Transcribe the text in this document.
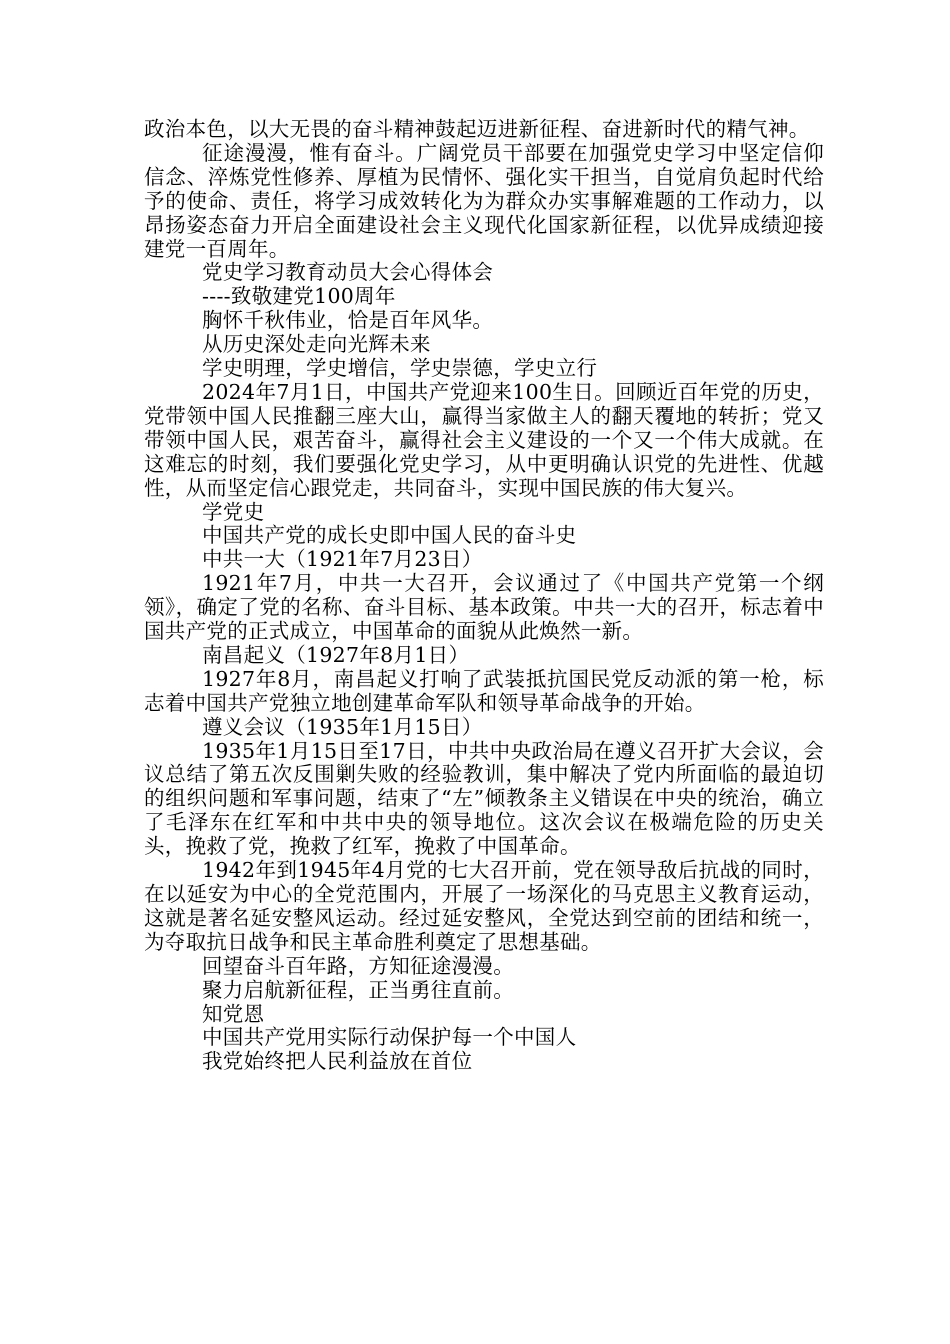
政治本色，以大无畏的奋斗精神鼓起迈进新征程、奋进新时代的精气神。

征途漫漫，惟有奋斗。广阔党员干部要在加强党史学习中坚定信仰信念、淬炼党性修养、厚植为民情怀、强化实干担当，自觉肩负起时代给予的使命、责任，将学习成效转化为为群众办实事解难题的工作动力，以昂扬姿态奋力开启全面建设社会主义现代化国家新征程，以优异成绩迎接建党一百周年。

党史学习教育动员大会心得体会

----致敬建党100周年

胸怀千秋伟业，恰是百年风华。

从历史深处走向光辉未来

学史明理，学史增信，学史崇德，学史立行

2024年7月1日，中国共产党迎来100生日。回顾近百年党的历史，党带领中国人民推翻三座大山，赢得当家做主人的翻天覆地的转折；党又带领中国人民，艰苦奋斗，赢得社会主义建设的一个又一个伟大成就。在这难忘的时刻，我们要强化党史学习，从中更明确认识党的先进性、优越性，从而坚定信心跟党走，共同奋斗，实现中国民族的伟大复兴。

学党史

中国共产党的成长史即中国人民的奋斗史

中共一大（1921年7月23日）

1921年7月，中共一大召开，会议通过了《中国共产党第一个纲领》，确定了党的名称、奋斗目标、基本政策。中共一大的召开，标志着中国共产党的正式成立，中国革命的面貌从此焕然一新。

南昌起义（1927年8月1日）

1927年8月，南昌起义打响了武装抵抗国民党反动派的第一枪，标志着中国共产党独立地创建革命军队和领导革命战争的开始。

遵义会议（1935年1月15日）

1935年1月15日至17日，中共中央政治局在遵义召开扩大会议，会议总结了第五次反围剿失败的经验教训，集中解决了党内所面临的最迫切的组织问题和军事问题，结束了“左”倾教条主义错误在中央的统治，确立了毛泽东在红军和中共中央的领导地位。这次会议在极端危险的历史关头，挽救了党，挽救了红军，挽救了中国革命。

1942年到1945年4月党的七大召开前，党在领导敌后抗战的同时，在以延安为中心的全党范围内，开展了一场深化的马克思主义教育运动，这就是著名延安整风运动。经过延安整风，全党达到空前的团结和统一，为夺取抗日战争和民主革命胜利奠定了思想基础。

回望奋斗百年路，方知征途漫漫。

聚力启航新征程，正当勇往直前。

知党恩

中国共产党用实际行动保护每一个中国人

我党始终把人民利益放在首位
